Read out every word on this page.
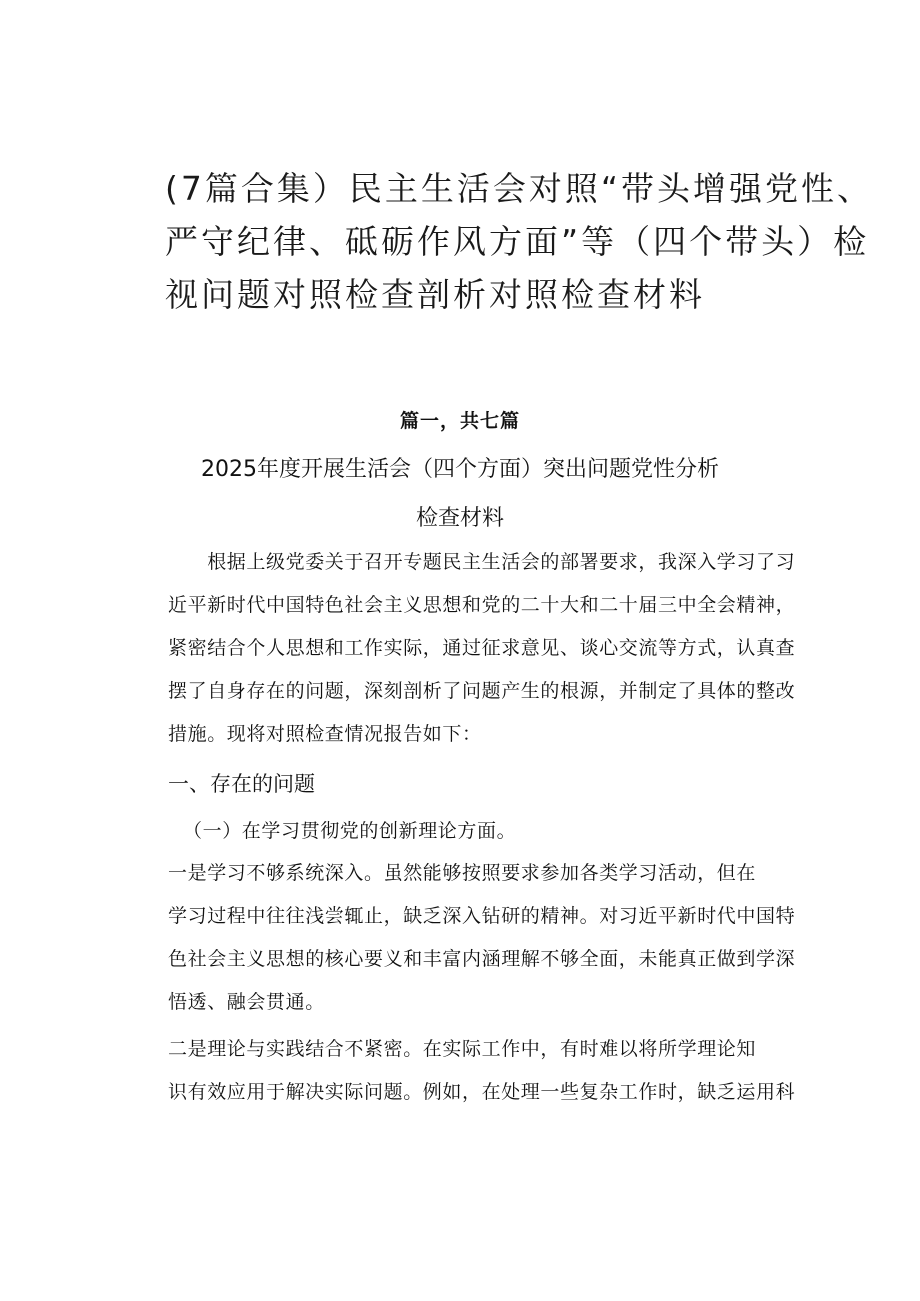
(7篇合集）民主生活会对照“带头增强党性、
严守纪律、砥砺作风方面”等（四个带头）检
视问题对照检查剖析对照检查材料
篇一，共七篇
2025年度开展生活会（四个方面）突出问题党性分析
检查材料

　　根据上级党委关于召开专题民主生活会的部署要求，我深入学习了习
近平新时代中国特色社会主义思想和党的二十大和二十届三中全会精神，
紧密结合个人思想和工作实际，通过征求意见、谈心交流等方式，认真查
摆了自身存在的问题，深刻剖析了问题产生的根源，并制定了具体的整改
措施。现将对照检查情况报告如下：

一、存在的问题

（一）在学习贯彻党的创新理论方面。

一是学习不够系统深入。虽然能够按照要求参加各类学习活动，但在
学习过程中往往浅尝辄止，缺乏深入钻研的精神。对习近平新时代中国特
色社会主义思想的核心要义和丰富内涵理解不够全面，未能真正做到学深
悟透、融会贯通。

二是理论与实践结合不紧密。在实际工作中，有时难以将所学理论知
识有效应用于解决实际问题。例如，在处理一些复杂工作时，缺乏运用科
